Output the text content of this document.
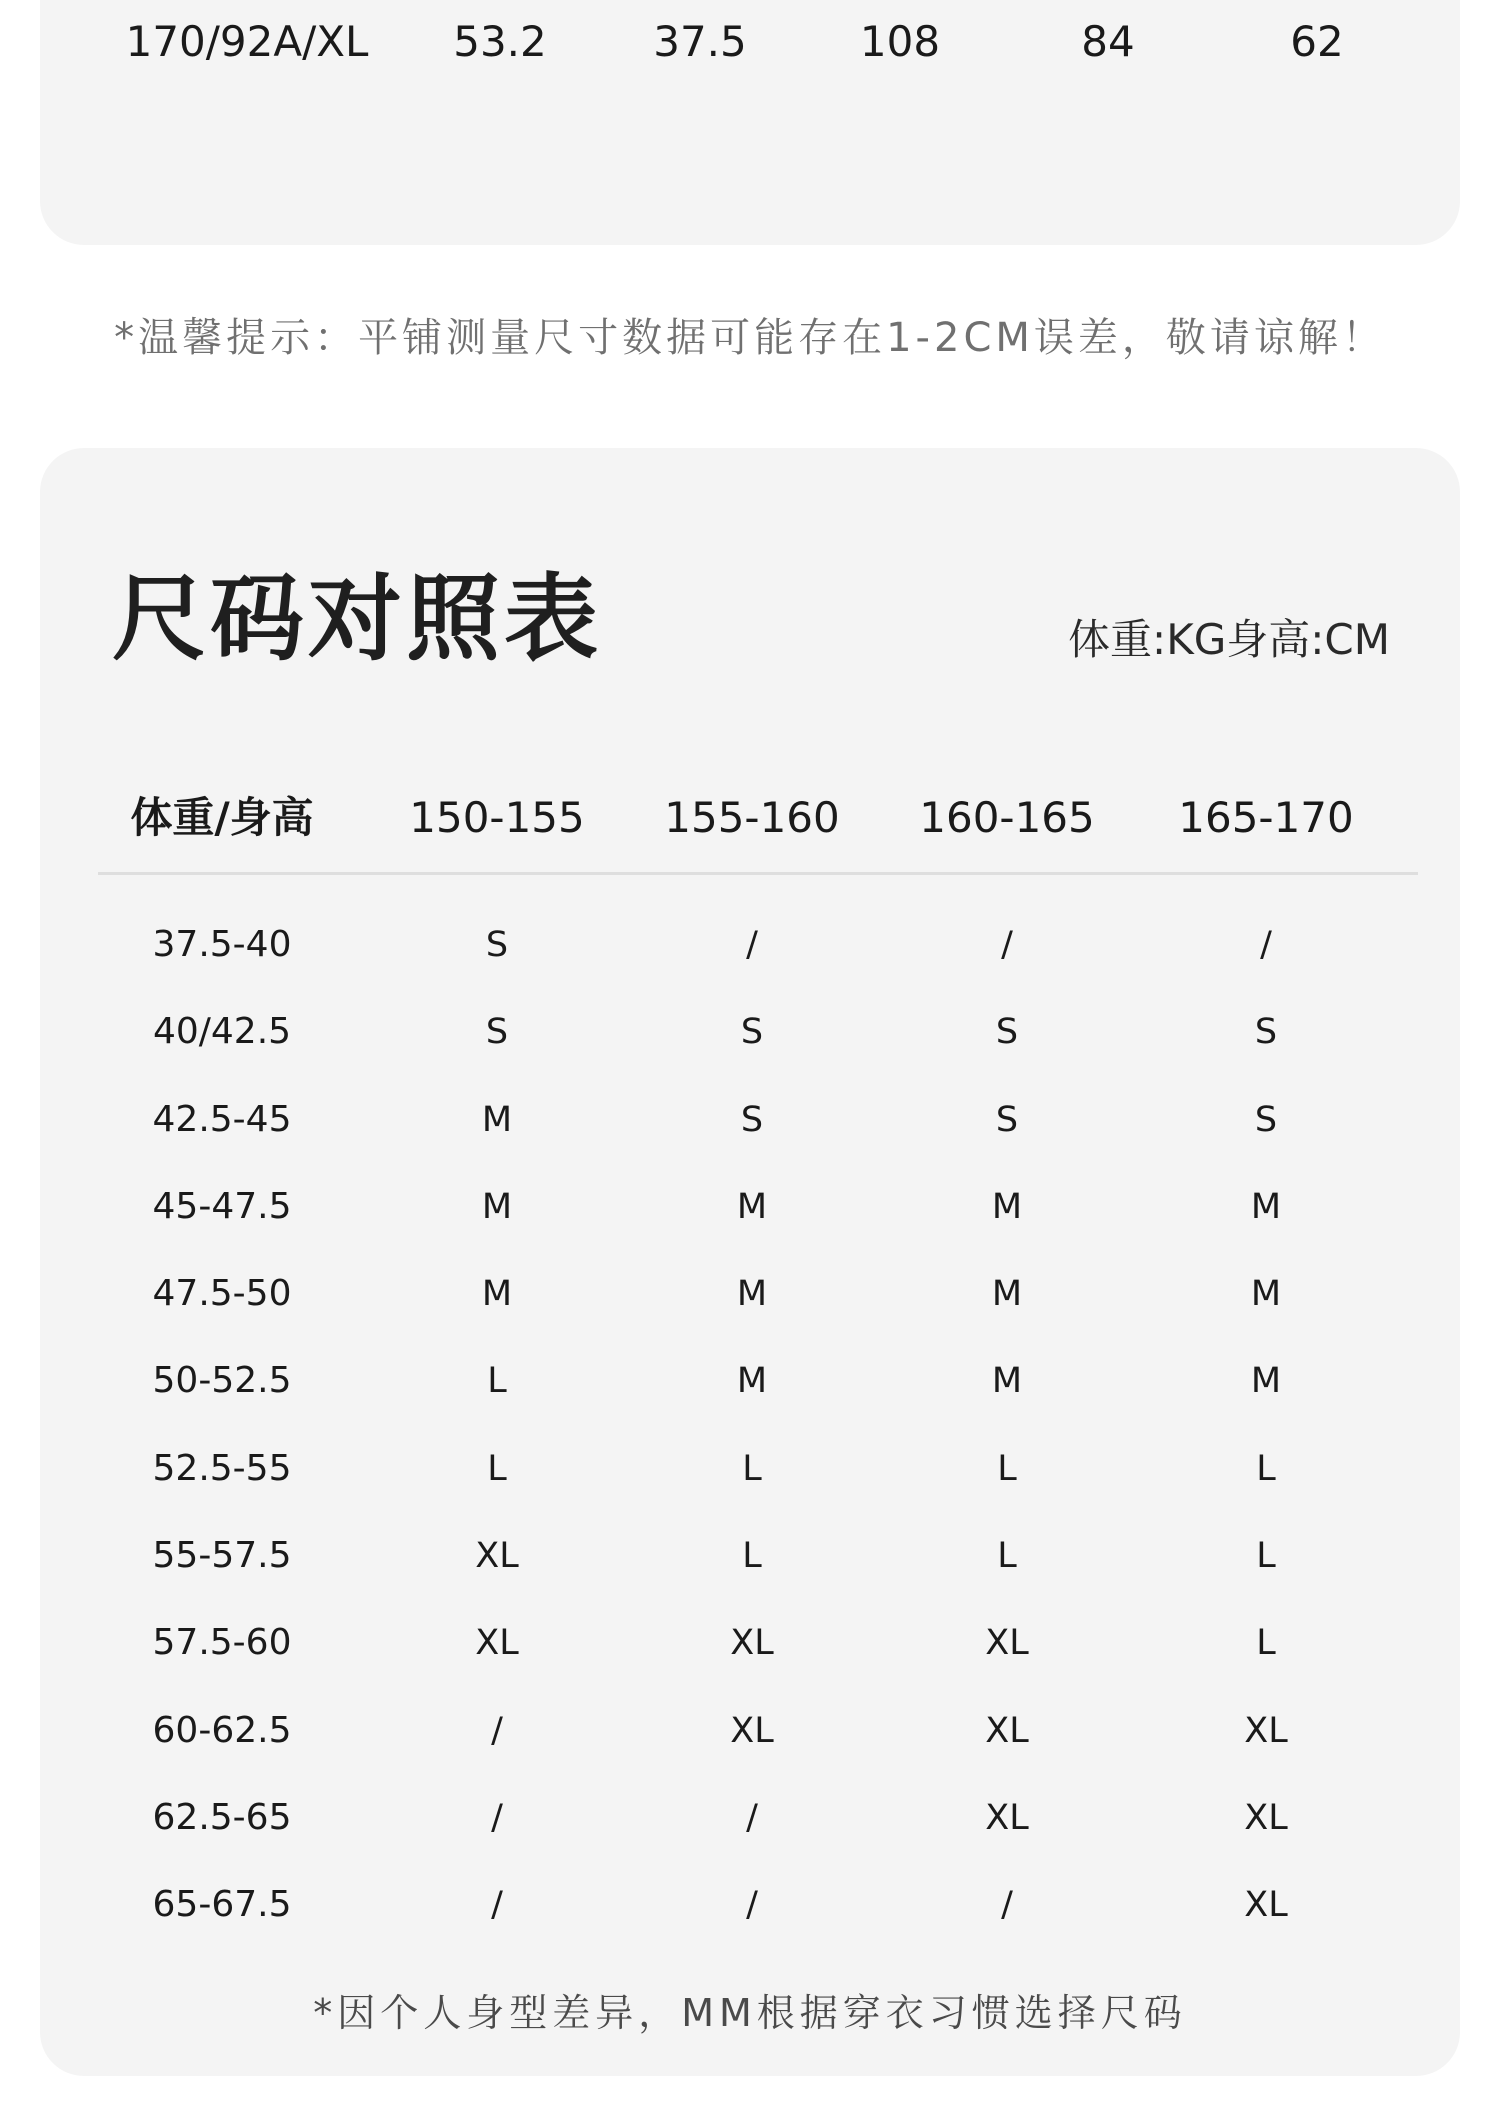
170/92A/XL 53.2	37.5	108	84	62
*温馨提示：平铺测量尺寸数据可能存在1-2CM误差，敬请谅解！
尺码对照表	体重:KG身高:CM
体重/身高 150-155 155-160 160-165 165-170
37.5-40	S	/	/	/
40/42.5	S	S	S	S
42.5-45	M	S	S	S
45-47.5	M	M	M	M
47.5-50	M	M	M	M
50-52.5	L	M	M	M
52.5-55	L	L	L	L
55-57.5	XL	L	L	L
57.5-60	XL	XL	XL	L
60-62.5	/	XL	XL	XL
62.5-65	/	/	XL	XL
65-67.5	/	/	/	XL
*因个人身型差异，MM根据穿衣习惯选择尺码
